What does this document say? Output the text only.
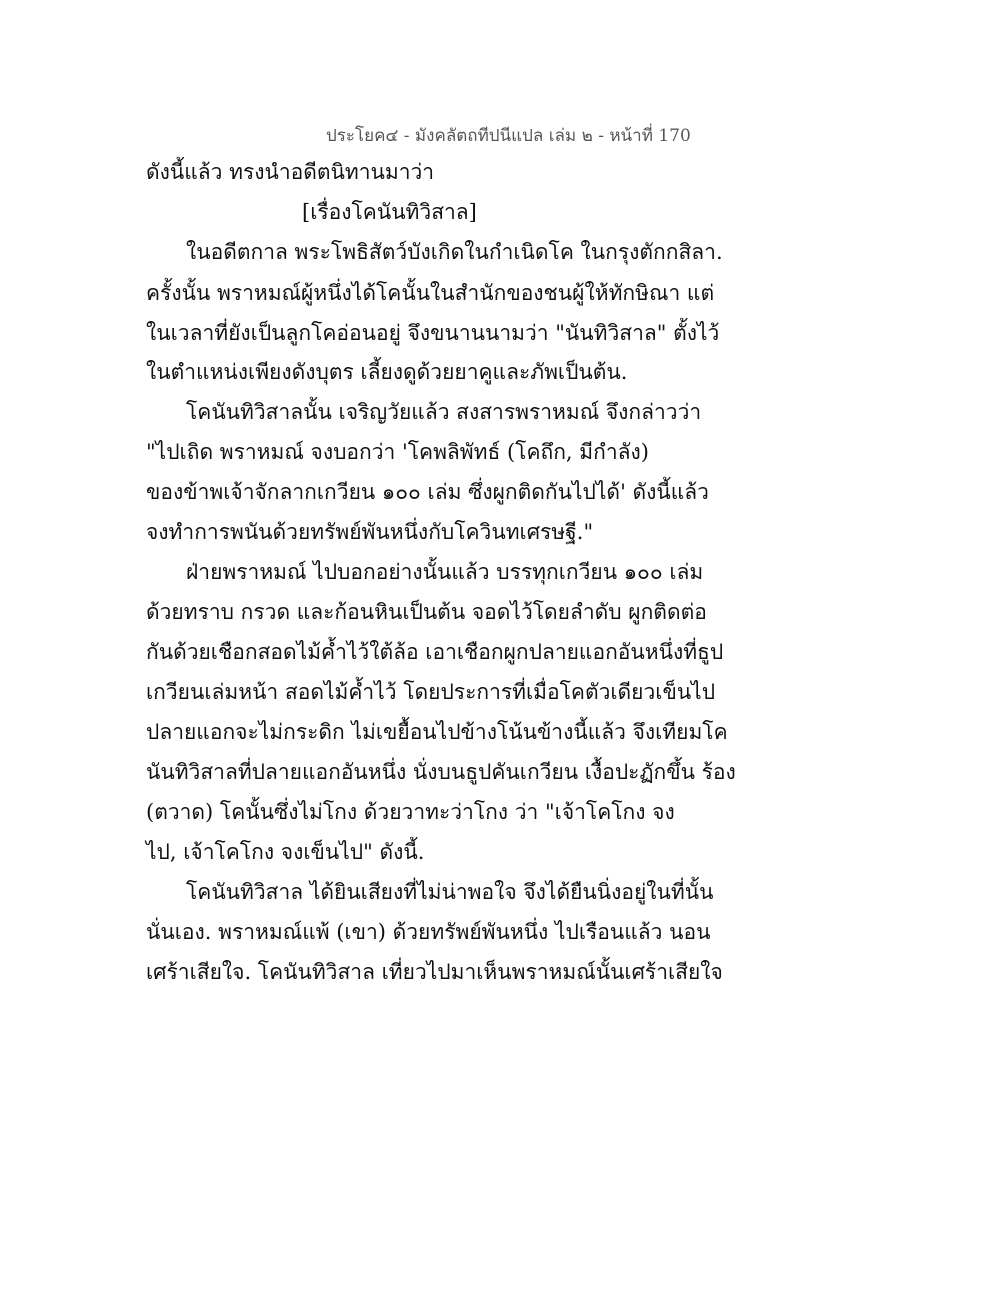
ประโยค๔ - มังคลัตถทีปนีแปล เล่ม ๒ - หน้าที่ 170
ดังนี้แล้ว ทรงนำอดีตนิทานมาว่า
[เรื่องโคนันทิวิสาล]
ในอดีตกาล พระโพธิสัตว์บังเกิดในกำเนิดโค ในกรุงตักกสิลา.
ครั้งนั้น พราหมณ์ผู้หนึ่งได้โคนั้นในสำนักของชนผู้ให้ทักษิณา แต่
ในเวลาที่ยังเป็นลูกโคอ่อนอยู่ จึงขนานนามว่า "นันทิวิสาล" ตั้งไว้
ในตำแหน่งเพียงดังบุตร เลี้ยงดูด้วยยาคูและภัพเป็นต้น.
โคนันทิวิสาลนั้น เจริญวัยแล้ว สงสารพราหมณ์ จึงกล่าวว่า
"ไปเถิด พราหมณ์ จงบอกว่า 'โคพลิพัทธ์ (โคถึก, มีกำลัง)
ของข้าพเจ้าจักลากเกวียน ๑๐๐ เล่ม ซึ่งผูกติดกันไปได้' ดังนี้แล้ว
จงทำการพนันด้วยทรัพย์พันหนึ่งกับโควินทเศรษฐี."
ฝ่ายพราหมณ์ ไปบอกอย่างนั้นแล้ว บรรทุกเกวียน ๑๐๐ เล่ม
ด้วยทราบ กรวด และก้อนหินเป็นต้น จอดไว้โดยลำดับ ผูกติดต่อ
กันด้วยเชือกสอดไม้ค้ำไว้ใต้ล้อ เอาเชือกผูกปลายแอกอันหนึ่งที่ธูป
เกวียนเล่มหน้า สอดไม้ค้ำไว้ โดยประการที่เมื่อโคตัวเดียวเข็นไป
ปลายแอกจะไม่กระดิก ไม่เขยื้อนไปข้างโน้นข้างนี้แล้ว จึงเทียมโค
นันทิวิสาลที่ปลายแอกอันหนึ่ง นั่งบนธูปคันเกวียน เงื้อปะฏักขึ้น ร้อง
(ตวาด) โคนั้นซึ่งไม่โกง ด้วยวาทะว่าโกง ว่า "เจ้าโคโกง จง
ไป, เจ้าโคโกง จงเข็นไป" ดังนี้.
โคนันทิวิสาล ได้ยินเสียงที่ไม่น่าพอใจ จึงได้ยืนนิ่งอยู่ในที่นั้น
นั่นเอง. พราหมณ์แพ้ (เขา) ด้วยทรัพย์พันหนึ่ง ไปเรือนแล้ว นอน
เศร้าเสียใจ. โคนันทิวิสาล เที่ยวไปมาเห็นพราหมณ์นั้นเศร้าเสียใจ
